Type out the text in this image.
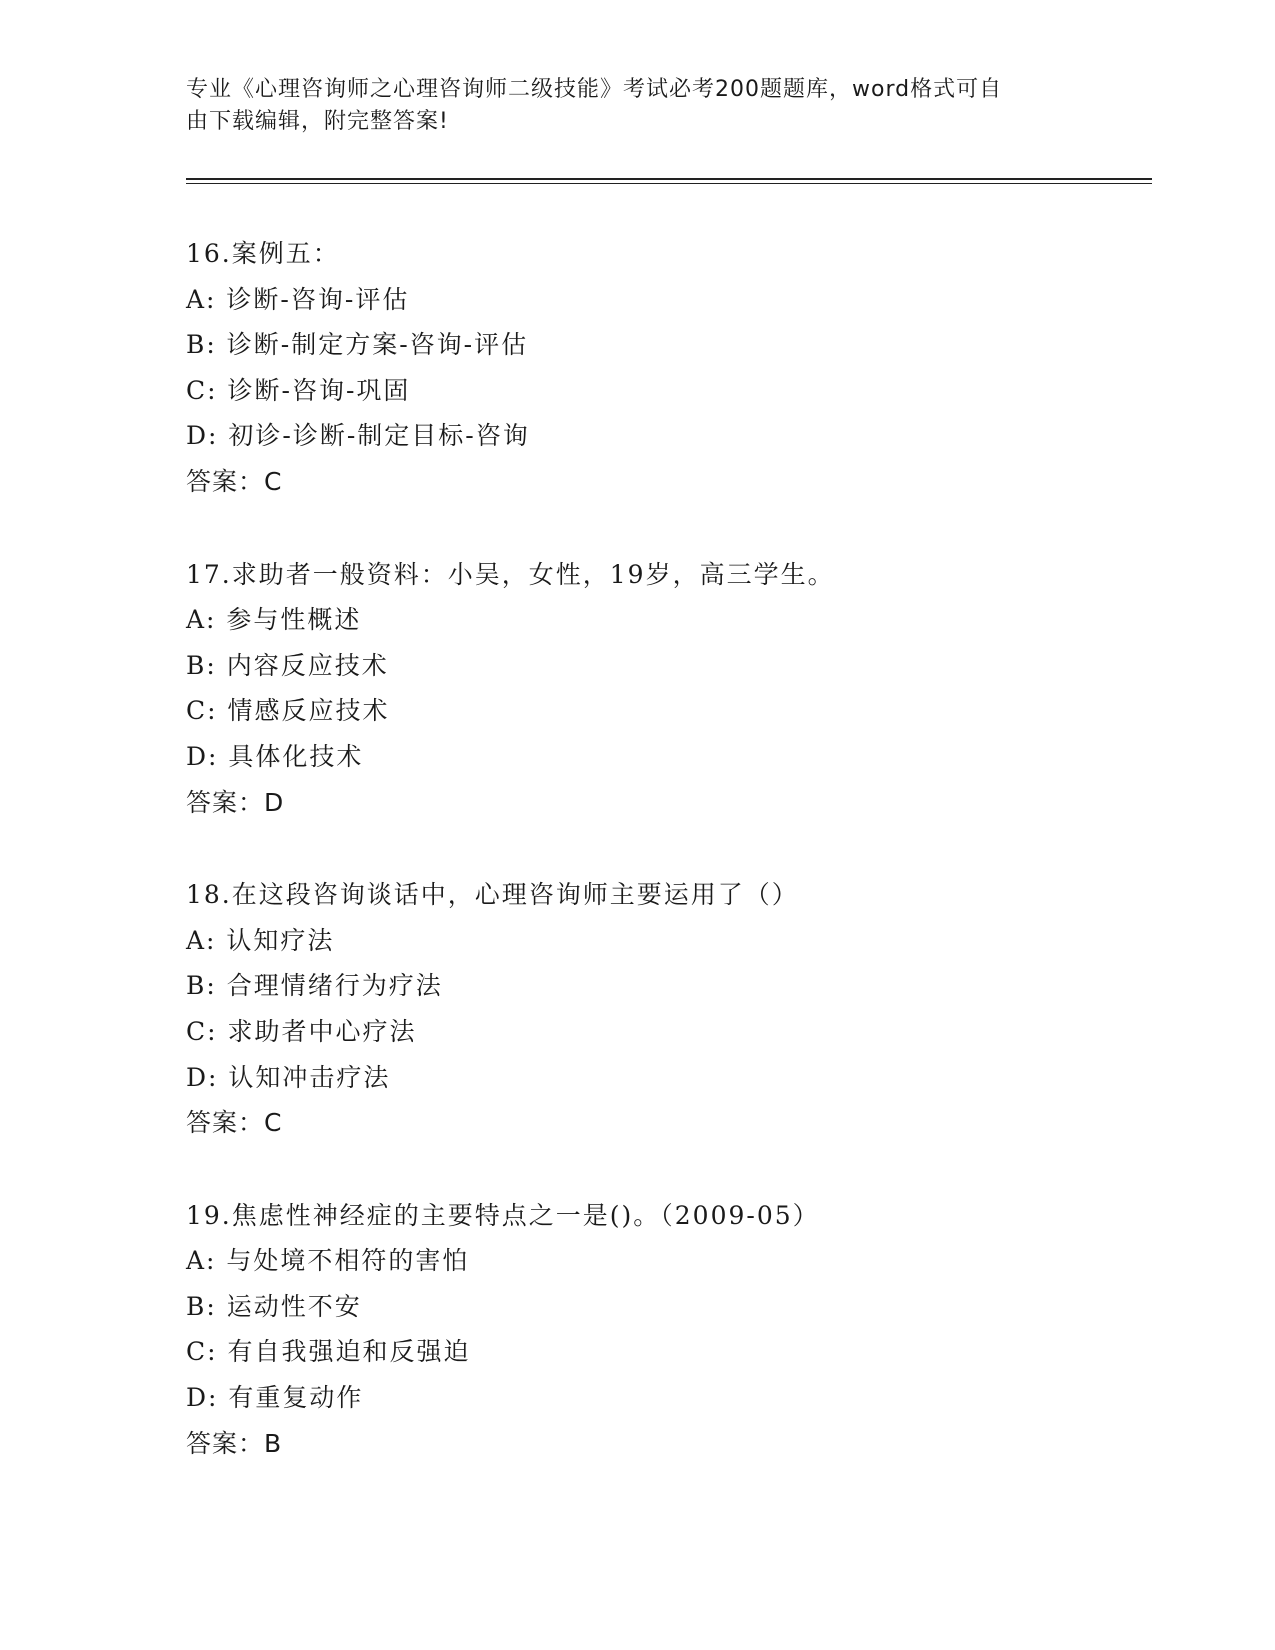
专业《心理咨询师之心理咨询师二级技能》考试必考200题题库，word格式可自
由下载编辑，附完整答案!
16.案例五：
A: 诊断-咨询-评估
B: 诊断-制定方案-咨询-评估
C: 诊断-咨询-巩固
D: 初诊-诊断-制定目标-咨询
答案：C
17.求助者一般资料：小吴，女性，19岁，高三学生。
A: 参与性概述
B: 内容反应技术
C: 情感反应技术
D: 具体化技术
答案：D
18.在这段咨询谈话中，心理咨询师主要运用了（）
A: 认知疗法
B: 合理情绪行为疗法
C: 求助者中心疗法
D: 认知冲击疗法
答案：C
19.焦虑性神经症的主要特点之一是()。（2009-05）
A: 与处境不相符的害怕
B: 运动性不安
C: 有自我强迫和反强迫
D: 有重复动作
答案：B
